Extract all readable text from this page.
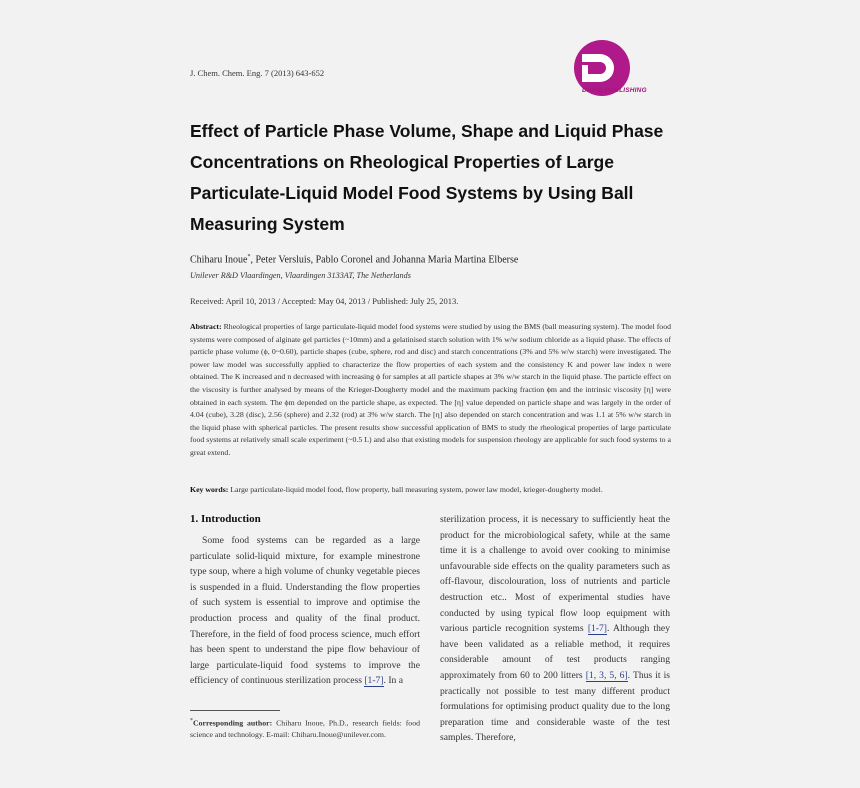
J. Chem. Chem. Eng. 7 (2013) 643-652
DAVID PUBLISHING
Effect of Particle Phase Volume, Shape and Liquid Phase Concentrations on Rheological Properties of Large Particulate-Liquid Model Food Systems by Using Ball Measuring System
Chiharu Inoue*, Peter Versluis, Pablo Coronel and Johanna Maria Martina Elberse
Unilever R&D Vlaardingen, Vlaardingen 3133AT, The Netherlands
Received: April 10, 2013 / Accepted: May 04, 2013 / Published: July 25, 2013.

Abstract: Rheological properties of large particulate-liquid model food systems were studied by using the BMS (ball measuring system). The model food systems were composed of alginate gel particles (~10mm) and a gelatinised starch solution with 1% w/w sodium chloride as a liquid phase. The effects of particle phase volume (ϕ, 0~0.60), particle shapes (cube, sphere, rod and disc) and starch concentrations (3% and 5% w/w starch) were investigated. The power law model was successfully applied to characterize the flow properties of each system and the consistency K and power law index n were obtained. The K increased and n decreased with increasing ϕ for samples at all particle shapes at 3% w/w starch in the liquid phase. The particle effect on the viscosity is further analysed by means of the Krieger-Dougherty model and the maximum packing fraction ϕm and the intrinsic viscosity [η] were obtained in each system. The ϕm depended on the particle shape, as expected. The [η] value depended on particle shape and was largely in the order of 4.04 (cube), 3.28 (disc), 2.56 (sphere) and 2.32 (rod) at 3% w/w starch. The [η] also depended on starch concentration and was 1.1 at 5% w/w starch in the liquid phase with spherical particles. The present results show successful application of BMS to study the rheological properties of large particulate food systems at relatively small scale experiment (~0.5 L) and also that existing models for suspension rheology are applicable for such food systems to a great extend.

Key words: Large particulate-liquid model food, flow property, ball measuring system, power law model, krieger-dougherty model.

1. Introduction

Some food systems can be regarded as a large particulate solid-liquid mixture, for example minestrone type soup, where a high volume of chunky vegetable pieces is suspended in a fluid. Understanding the flow properties of such system is essential to improve and optimise the production process and quality of the final product. Therefore, in the field of food process science, much effort has been spent to understand the pipe flow behaviour of large particulate-liquid food systems to improve the efficiency of continuous sterilization process [1-7]. In a

sterilization process, it is necessary to sufficiently heat the product for the microbiological safety, while at the same time it is a challenge to avoid over cooking to minimise unfavourable side effects on the quality parameters such as off-flavour, discolouration, loss of nutrients and particle destruction etc.. Most of experimental studies have conducted by using typical flow loop equipment with various particle recognition systems [1-7]. Although they have been validated as a reliable method, it requires considerable amount of test products ranging approximately from 60 to 200 litters [1, 3, 5, 6]. Thus it is practically not possible to test many different product formulations for optimising product quality due to the long preparation time and considerable waste of the test samples. Therefore,

*Corresponding author: Chiharu Inoue, Ph.D., research fields: food science and technology. E-mail: Chiharu.Inoue@unilever.com.
